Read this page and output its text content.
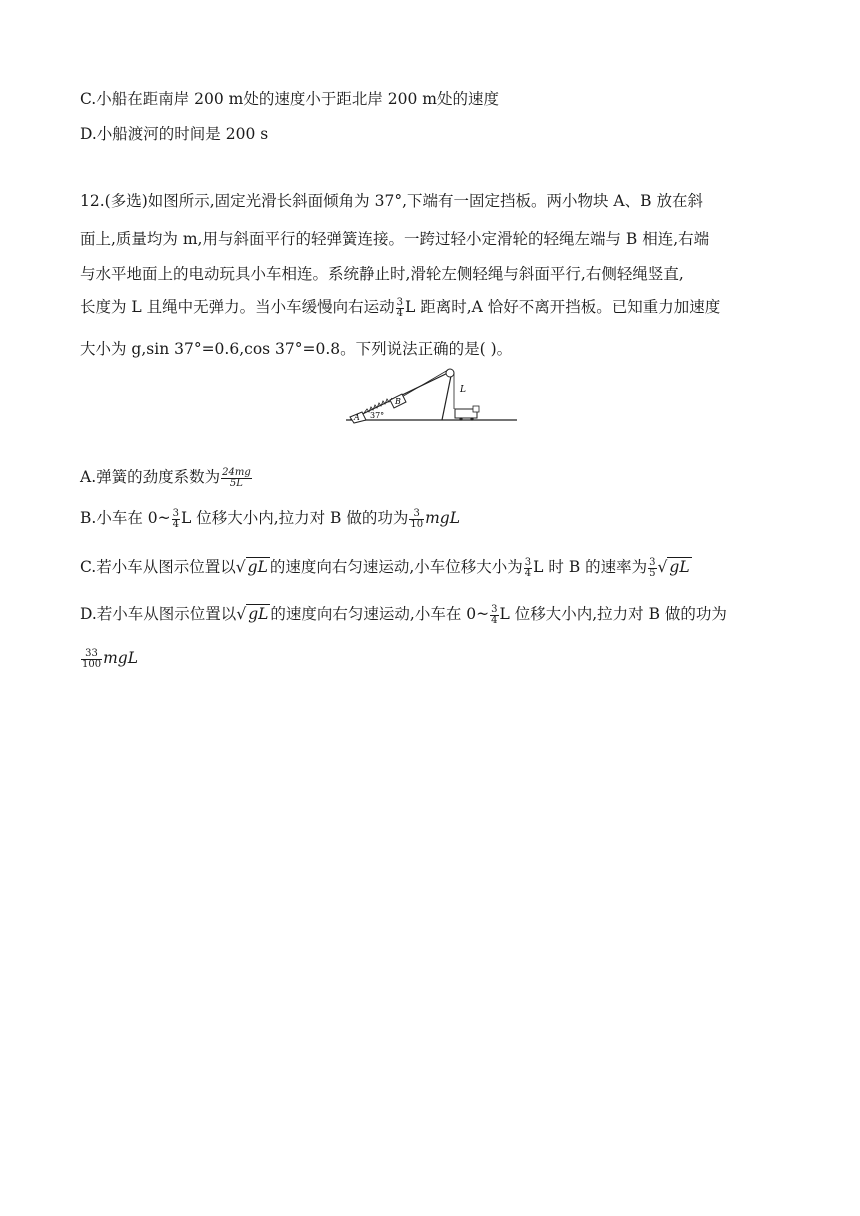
C.小船在距南岸 200 m处的速度小于距北岸 200 m处的速度
D.小船渡河的时间是 200 s
12.(多选)如图所示,固定光滑长斜面倾角为 37°,下端有一固定挡板。两小物块 A、B 放在斜
面上,质量均为 m,用与斜面平行的轻弹簧连接。一跨过轻小定滑轮的轻绳左端与 B 相连,右端
与水平地面上的电动玩具小车相连。系统静止时,滑轮左侧轻绳与斜面平行,右侧轻绳竖直,
长度为 L 且绳中无弹力。当小车缓慢向右运动 $\frac{3}{4}$ L 距离时,A 恰好不离开挡板。已知重力加速度
大小为 g,sin 37°=0.6,cos 37°=0.8。下列说法正确的是( )。
A
B
37°
L
A.弹簧的劲度系数为 $\frac{24mg}{5L}$
B.小车在 0~ $\frac{3}{4}$ L 位移大小内,拉力对 B 做的功为 $\frac{3}{10}$ mgL
C.若小车从图示位置以√ gL 的速度向右匀速运动,小车位移大小为 $\frac{3}{4}$ L 时 B 的速率为 $\frac{3}{5}$ √ gL
D.若小车从图示位置以√ gL 的速度向右匀速运动,小车在 0~ $\frac{3}{4}$ L 位移大小内,拉力对 B 做的功为
$\frac{33}{100}$ mgL
